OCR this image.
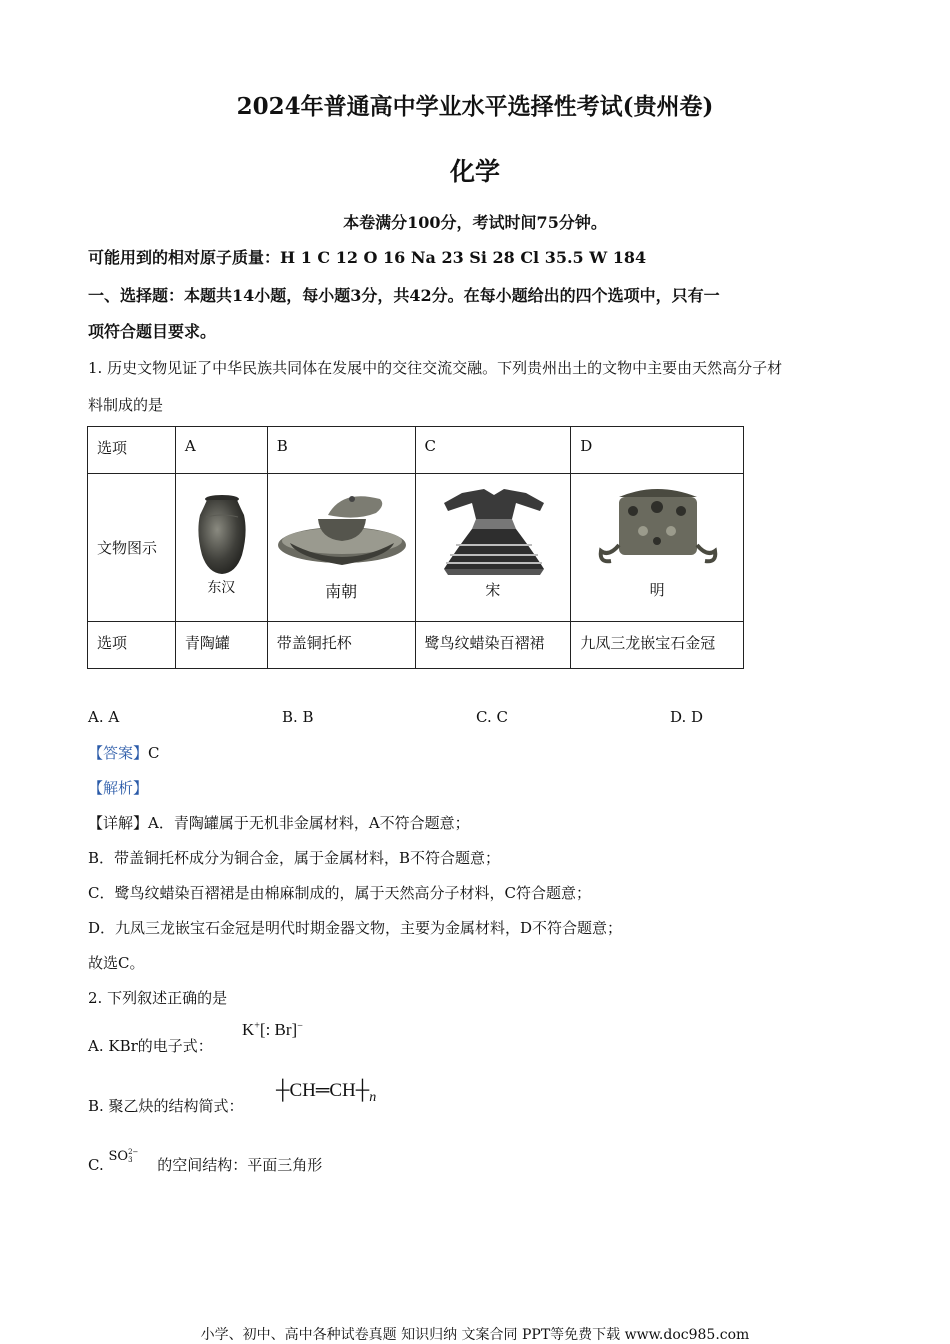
2024年普通高中学业水平选择性考试(贵州卷)
化学
本卷满分100分，考试时间75分钟。
可能用到的相对原子质量：H 1 C 12 O 16 Na 23 Si 28 Cl 35.5 W 184
一、选择题：本题共14小题，每小题3分，共42分。在每小题给出的四个选项中，只有一
项符合题目要求。
1. 历史文物见证了中华民族共同体在发展中的交往交流交融。下列贵州出土的文物中主要由天然高分子材
料制成的是
选项	A	B	C	D
文物图示	东汉	南朝	宋	明

选项	青陶罐	带盖铜托杯	鹭鸟纹蜡染百褶裙	九凤三龙嵌宝石金冠
A. A	B. B	C. C	D. D
【答案】C
【解析】
【详解】A．青陶罐属于无机非金属材料，A不符合题意；
B．带盖铜托杯成分为铜合金，属于金属材料，B不符合题意；
C．鹭鸟纹蜡染百褶裙是由棉麻制成的，属于天然高分子材料，C符合题意；
D．九凤三龙嵌宝石金冠是明代时期金器文物，主要为金属材料，D不符合题意；
故选C。
2. 下列叙述正确的是
A. KBr的电子式：
K+[: Br]−
B. 聚乙炔的结构简式：
$┼CH═CH┼_n$
C. SO 2−
3	的空间结构：平面三角形
小学、初中、高中各种试卷真题 知识归纳 文案合同 PPT等免费下载 www.doc985.com
